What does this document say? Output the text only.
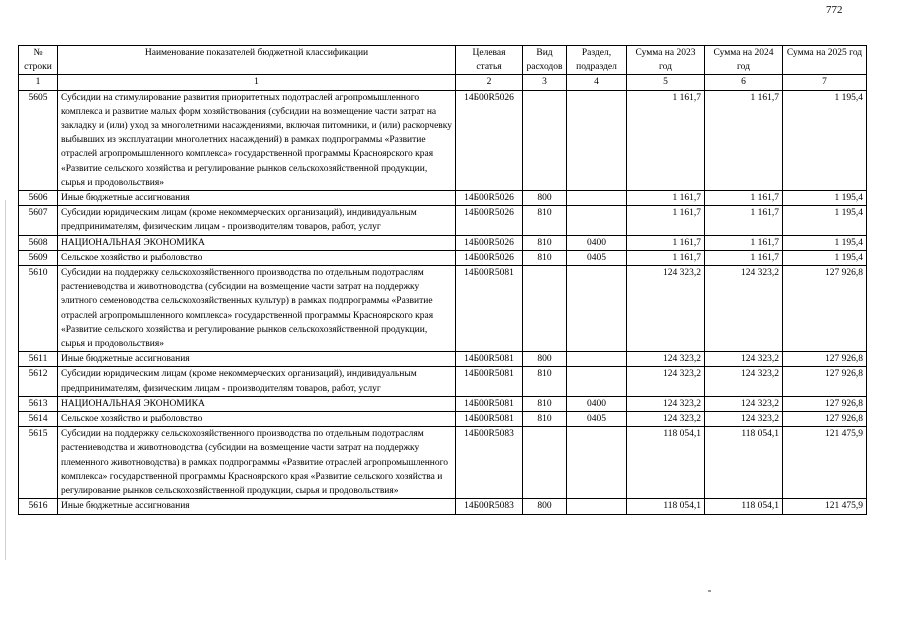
772
№ строки	Наименование показателей бюджетной классификации	Целевая статья	Вид расходов	Раздел, подраздел	Сумма на 2023 год	Сумма на 2024 год	Сумма на 2025 год
1	1	2	3	4	5	6	7
5605	Субсидии на стимулирование развития приоритетных подотраслей агропромышленного комплекса и развитие малых форм хозяйствования (субсидии на возмещение части затрат на закладку и (или) уход за многолетними насаждениями, включая питомники, и (или) раскорчевку выбывших из эксплуатации многолетних насаждений) в рамках подпрограммы «Развитие отраслей агропромышленного комплекса» государственной программы Красноярского края «Развитие сельского хозяйства и регулирование рынков сельскохозяйственной продукции, сырья и продовольствия»	14Б00R5026			1 161,7	1 161,7	1 195,4
5606	Иные бюджетные ассигнования	14Б00R5026	800		1 161,7	1 161,7	1 195,4
5607	Субсидии юридическим лицам (кроме некоммерческих организаций), индивидуальным предпринимателям, физическим лицам - производителям товаров, работ, услуг	14Б00R5026	810		1 161,7	1 161,7	1 195,4
5608	НАЦИОНАЛЬНАЯ ЭКОНОМИКА	14Б00R5026	810	0400	1 161,7	1 161,7	1 195,4
5609	Сельское хозяйство и рыболовство	14Б00R5026	810	0405	1 161,7	1 161,7	1 195,4
5610	Субсидии на поддержку сельскохозяйственного производства по отдельным подотраслям растениеводства и животноводства (субсидии на возмещение части затрат на поддержку элитного семеноводства сельскохозяйственных культур) в рамках подпрограммы «Развитие отраслей агропромышленного комплекса» государственной программы Красноярского края «Развитие сельского хозяйства и регулирование рынков сельскохозяйственной продукции, сырья и продовольствия»	14Б00R5081			124 323,2	124 323,2	127 926,8
5611	Иные бюджетные ассигнования	14Б00R5081	800		124 323,2	124 323,2	127 926,8
5612	Субсидии юридическим лицам (кроме некоммерческих организаций), индивидуальным предпринимателям, физическим лицам - производителям товаров, работ, услуг	14Б00R5081	810		124 323,2	124 323,2	127 926,8
5613	НАЦИОНАЛЬНАЯ ЭКОНОМИКА	14Б00R5081	810	0400	124 323,2	124 323,2	127 926,8
5614	Сельское хозяйство и рыболовство	14Б00R5081	810	0405	124 323,2	124 323,2	127 926,8
5615	Субсидии на поддержку сельскохозяйственного производства по отдельным подотраслям растениеводства и животноводства (субсидии на возмещение части затрат на поддержку племенного животноводства) в рамках подпрограммы «Развитие отраслей агропромышленного комплекса» государственной программы Красноярского края «Развитие сельского хозяйства и регулирование рынков сельскохозяйственной продукции, сырья и продовольствия»	14Б00R5083			118 054,1	118 054,1	121 475,9
5616	Иные бюджетные ассигнования	14Б00R5083	800		118 054,1	118 054,1	121 475,9
